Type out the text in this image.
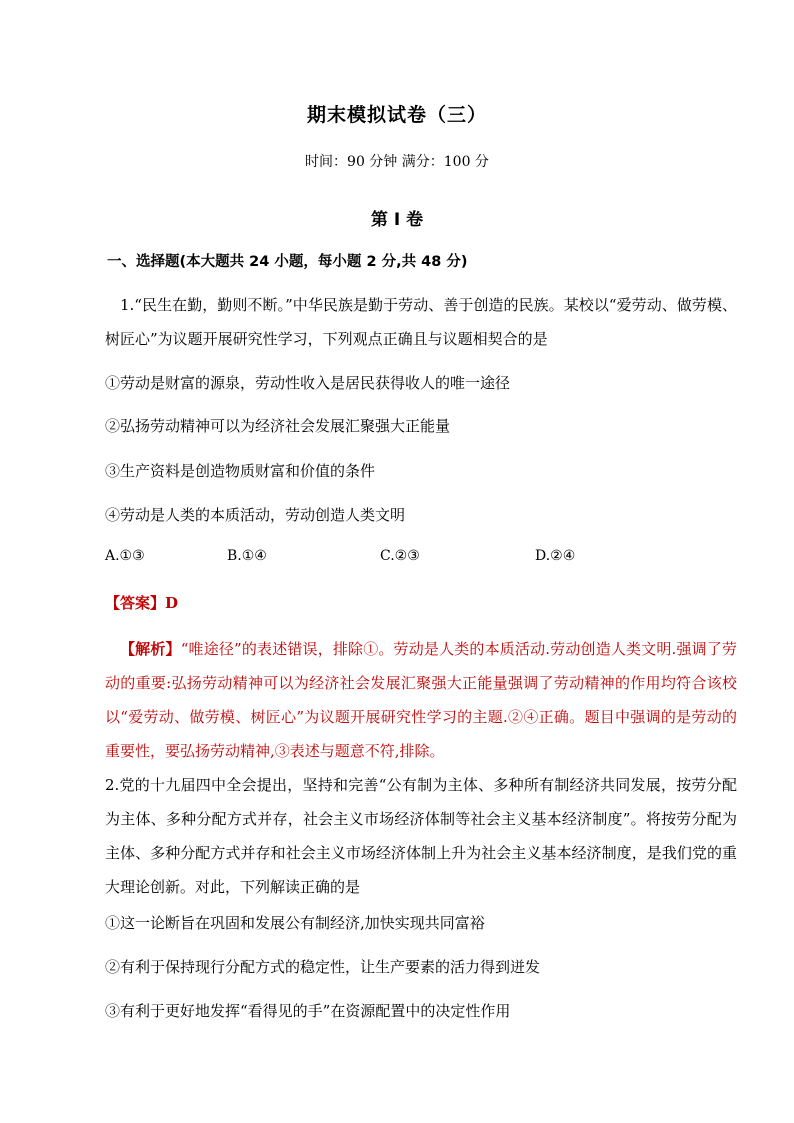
期末模拟试卷（三）
时间：90 分钟 满分：100 分
第 I 卷
一、选择题(本大题共 24 小题，每小题 2 分,共 48 分)
1.“民生在勤，勤则不断。”中华民族是勤于劳动、善于创造的民族。某校以“爱劳动、做劳模、树匠心”为议题开展研究性学习，下列观点正确且与议题相契合的是
①劳动是财富的源泉，劳动性收入是居民获得收人的唯一途径
②弘扬劳动精神可以为经济社会发展汇聚强大正能量
③生产资料是创造物质财富和价值的条件
④劳动是人类的本质活动，劳动创造人类文明
A.①③	B.①④	C.②③	D.②④
【答案】D
【解析】“唯途径”的表述错误，排除①。劳动是人类的本质活动.劳动创造人类文明.强调了劳动的重要:弘扬劳动精神可以为经济社会发展汇聚强大正能量强调了劳动精神的作用均符合该校以“爱劳动、做劳模、树匠心”为议题开展研究性学习的主题.②④正确。题目中强调的是劳动的重要性，要弘扬劳动精神,③表述与题意不符,排除。
2.党的十九届四中全会提出，坚持和完善“公有制为主体、多种所有制经济共同发展，按劳分配为主体、多种分配方式并存，社会主义市场经济体制等社会主义基本经济制度”。将按劳分配为主体、多种分配方式并存和社会主义市场经济体制上升为社会主义基本经济制度，是我们党的重大理论创新。对此，下列解读正确的是
①这一论断旨在巩固和发展公有制经济,加快实现共同富裕
②有利于保持现行分配方式的稳定性，让生产要素的活力得到迸发
③有利于更好地发挥“看得见的手”在资源配置中的决定性作用
